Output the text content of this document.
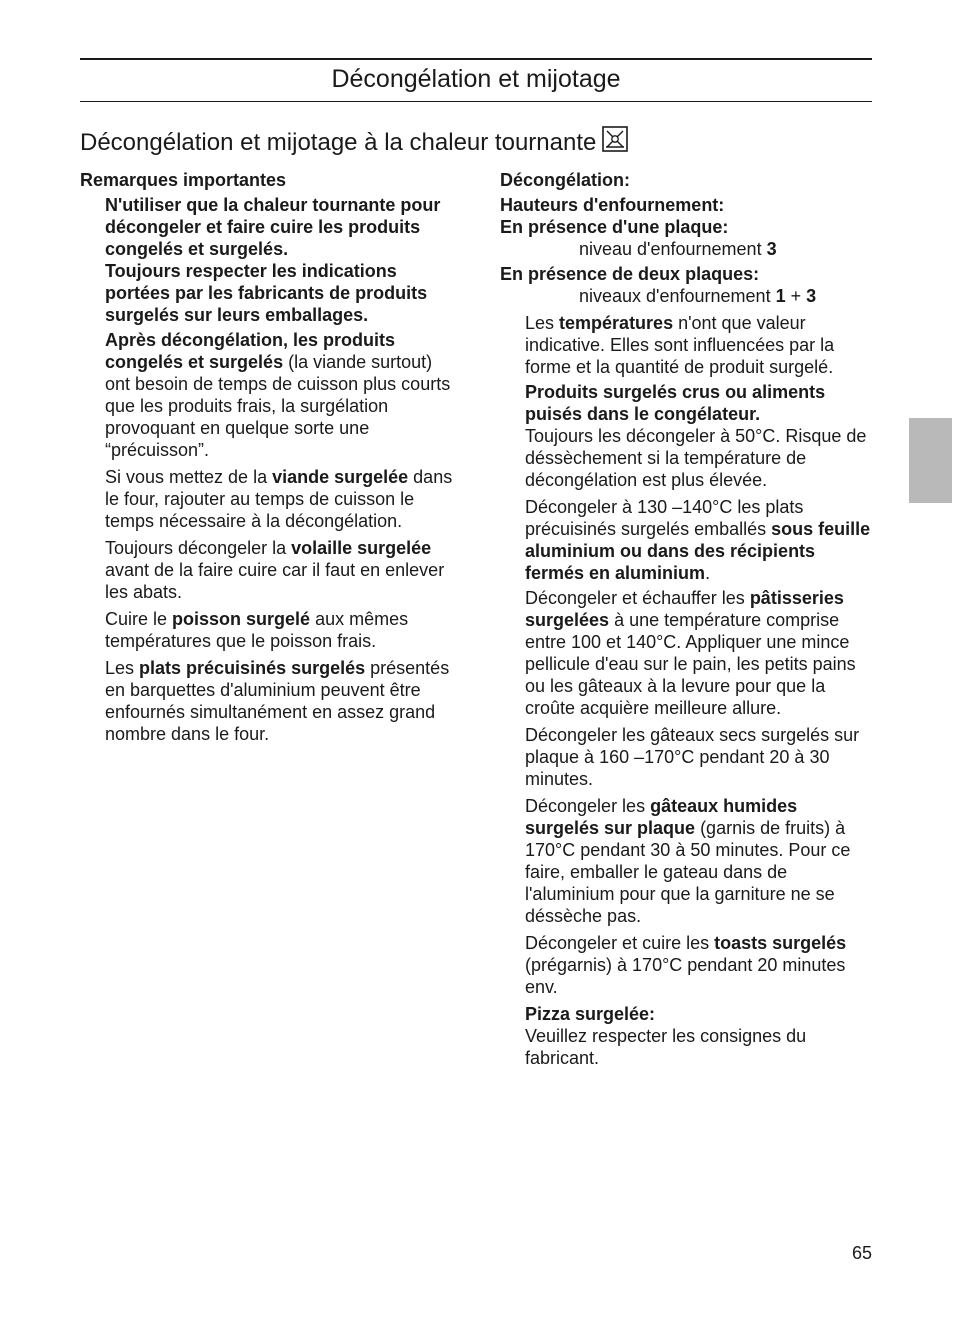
Décongélation et mijotage
Décongélation et mijotage à la chaleur tournante

Remarques importantes

N'utiliser que la chaleur tournante pour décongeler et faire cuire les produits congelés et surgelés.

Toujours respecter les indications portées par les fabricants de produits surgelés sur leurs emballages.

Après décongélation, les produits congelés et surgelés (la viande surtout) ont besoin de temps de cuisson plus courts que les produits frais, la surgélation provoquant en quelque sorte une “précuisson”.

Si vous mettez de la viande surgelée dans le four, rajouter au temps de cuisson le temps nécessaire à la décongélation.

Toujours décongeler la volaille surgelée avant de la faire cuire car il faut en enlever les abats.

Cuire le poisson surgelé aux mêmes températures que le poisson frais.

Les plats précuisinés surgelés présentés en barquettes d'aluminium peuvent être enfournés simultanément en assez grand nombre dans le four.

Décongélation:

Hauteurs d'enfournement:

En présence d'une plaque:

niveau d'enfournement 3

En présence de deux plaques:

niveaux d'enfournement 1 + 3

Les températures n'ont que valeur indicative. Elles sont influencées par la forme et la quantité de produit surgelé.

Produits surgelés crus ou aliments puisés dans le congélateur.
Toujours les décongeler à 50°C. Risque de déssèchement si la température de décongélation est plus élevée.

Décongeler à 130 –140°C les plats précuisinés surgelés emballés sous feuille aluminium ou dans des récipients fermés en aluminium.

Décongeler et échauffer les pâtisseries surgelées à une température comprise entre 100 et 140°C. Appliquer une mince pellicule d'eau sur le pain, les petits pains ou les gâteaux à la levure pour que la croûte acquière meilleure allure.

Décongeler les gâteaux secs surgelés sur plaque à 160 –170°C pendant 20 à 30 minutes.

Décongeler les gâteaux humides surgelés sur plaque (garnis de fruits) à 170°C pendant 30 à 50 minutes. Pour ce faire, emballer le gateau dans de l'aluminium pour que la garniture ne se déssèche pas.

Décongeler et cuire les toasts surgelés (prégarnis) à 170°C pendant 20 minutes env.

Pizza surgelée:
Veuillez respecter les consignes du fabricant.

65
